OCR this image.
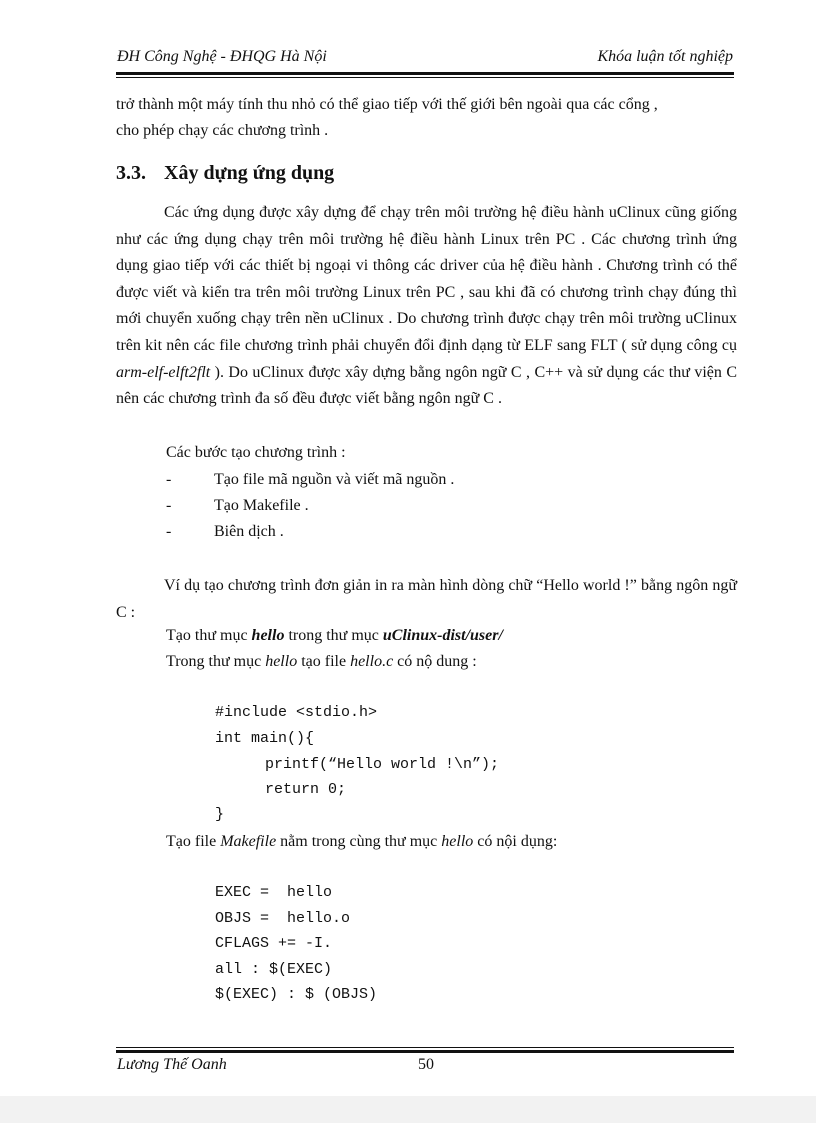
ĐH Công Nghệ - ĐHQG Hà Nội	Khóa luận tốt nghiệp
trở thành một máy tính thu nhỏ có thể giao tiếp với thế giới bên ngoài qua các cổng ,
cho phép chạy các chương trình .
3.3. Xây dựng ứng dụng

Các ứng dụng được xây dựng để chạy trên môi trường hệ điều hành uClinux cũng giống như các ứng dụng chạy trên môi trường hệ điều hành Linux trên PC . Các chương trình ứng dụng giao tiếp với các thiết bị ngoại vi thông các driver của hệ điều hành . Chương trình có thể được viết và kiển tra trên môi trường Linux trên PC , sau khi đã có chương trình chạy đúng thì mới chuyển xuống chạy trên nền uClinux . Do chương trình được chạy trên môi trường uClinux trên kit nên các file chương trình phải chuyển đổi định dạng từ ELF sang FLT ( sử dụng công cụ arm-elf-elft2flt ). Do uClinux được xây dựng bằng ngôn ngữ C , C++ và sử dụng các thư viện C nên các chương trình đa số đều được viết bằng ngôn ngữ C .

Các bước tạo chương trình :
-	Tạo file mã nguồn và viết mã nguồn .
-	Tạo Makefile .
-	Biên dịch .

Ví dụ tạo chương trình đơn giản in ra màn hình dòng chữ “Hello world !” bằng ngôn ngữ C :

Tạo thư mục hello trong thư mục uClinux-dist/user/
Trong thư mục hello tạo file hello.c có nộ dung :
#include <stdio.h>
int main(){
printf(“Hello world !\n”);
return 0;
}
Tạo file Makefile nằm trong cùng thư mục hello có nội dụng:
EXEC =  hello
OBJS =  hello.o
CFLAGS += -I.
all : $(EXEC)
$(EXEC) : $ (OBJS)
Lương Thế Oanh	50
